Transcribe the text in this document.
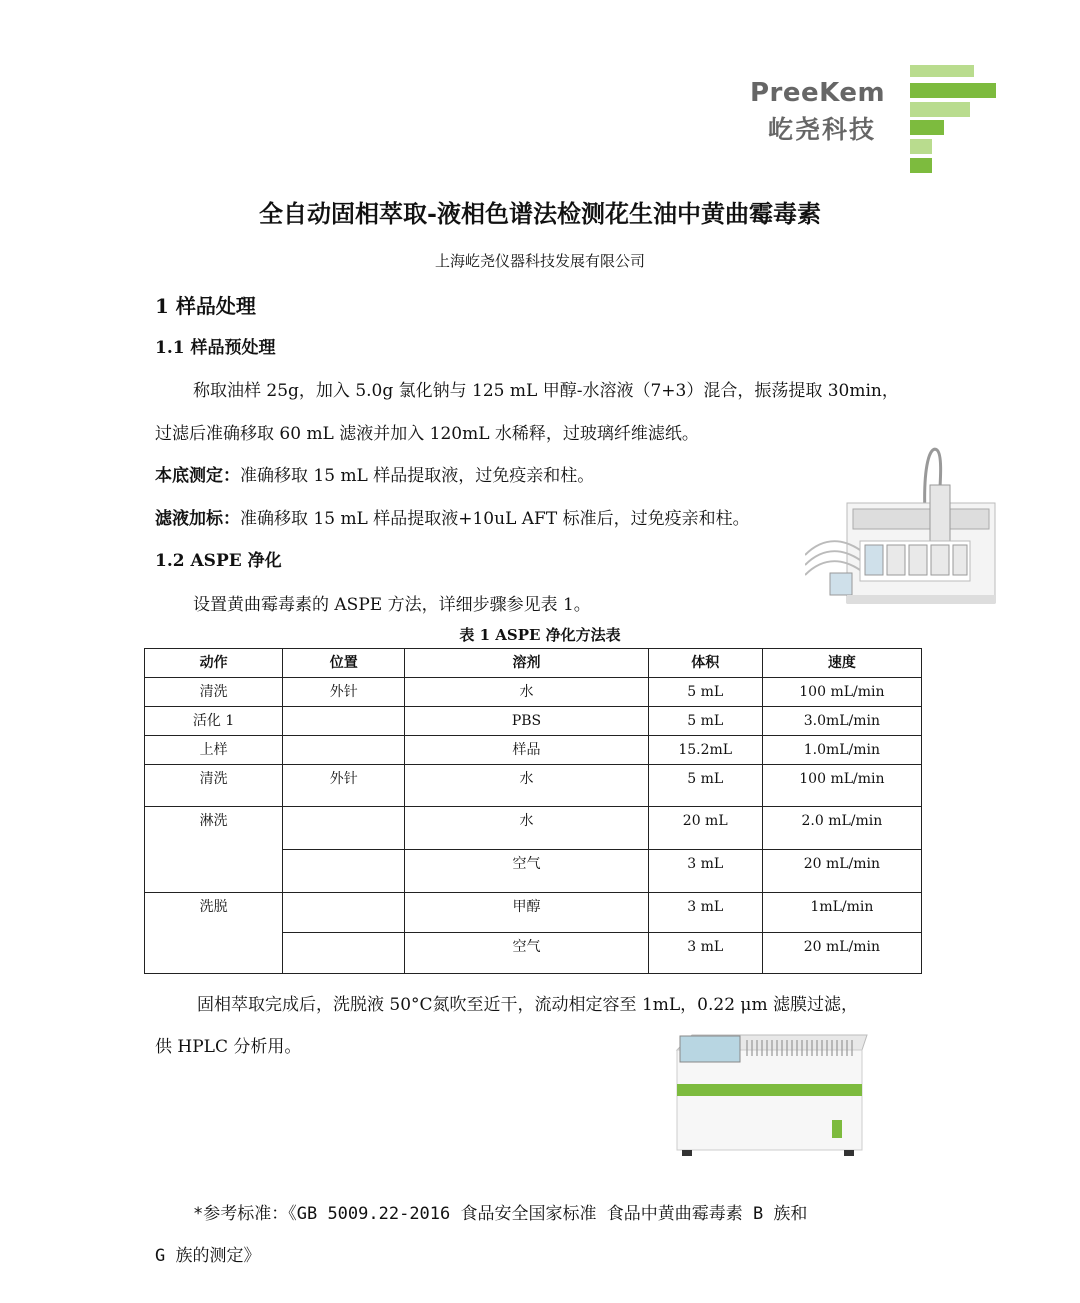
PreeKem
屹尧科技
全自动固相萃取-液相色谱法检测花生油中黄曲霉毒素
上海屹尧仪器科技发展有限公司
1 样品处理
1.1 样品预处理
称取油样 25g，加入 5.0g 氯化钠与 125 mL 甲醇-水溶液（7+3）混合，振荡提取 30min，
过滤后准确移取 60 mL 滤液并加入 120mL 水稀释，过玻璃纤维滤纸。
本底测定：准确移取 15 mL 样品提取液，过免疫亲和柱。
滤液加标：准确移取 15 mL 样品提取液+10uL AFT 标准后，过免疫亲和柱。
1.2 ASPE 净化
设置黄曲霉毒素的 ASPE 方法，详细步骤参见表 1。
表 1 ASPE 净化方法表
动作	位置	溶剂	体积	速度
清洗	外针	水	5 mL	100 mL/min
活化 1		PBS	5 mL	3.0mL/min
上样		样品	15.2mL	1.0mL/min
清洗	外针	水	5 mL	100 mL/min
淋洗		水	20 mL	2.0 mL/min
		空气	3 mL	20 mL/min
洗脱		甲醇	3 mL	1mL/min
		空气	3 mL	20 mL/min
固相萃取完成后，洗脱液 50°C氮吹至近干，流动相定容至 1mL，0.22 μm 滤膜过滤，
供 HPLC 分析用。
*参考标准：《GB 5009.22-2016 食品安全国家标准 食品中黄曲霉毒素 B 族和
G 族的测定》
